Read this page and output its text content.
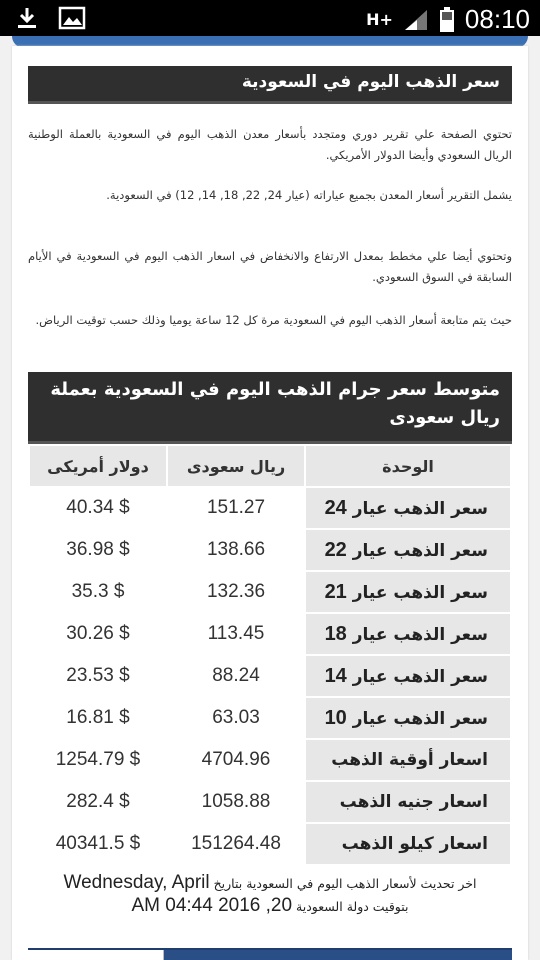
H+	08:10
سعر الذهب اليوم في السعودية

تحتوي الصفحة علي تقرير دوري ومتجدد بأسعار معدن الذهب اليوم في السعودية بالعملة الوطنية الريال السعودي وأيضا الدولار الأمريكي.

يشمل التقرير أسعار المعدن بجميع عياراته (عيار 24, 22, 18, 14, 12) في السعودية.

وتحتوي أيضا علي مخطط بمعدل الارتفاع والانخفاض في اسعار الذهب اليوم في السعودية في الأيام السابقة في السوق السعودي.

حيث يتم متابعة أسعار الذهب اليوم في السعودية مرة كل 12 ساعة يوميا وذلك حسب توقيت الرياض.

متوسط سعر جرام الذهب اليوم في السعودية بعملة ريال سعودى
الوحدة	ريال سعودى	دولار أمريكى
سعر الذهب عيار 24	151.27	$ 40.34
سعر الذهب عيار 22	138.66	$ 36.98
سعر الذهب عيار 21	132.36	$ 35.3
سعر الذهب عيار 18	113.45	$ 30.26
سعر الذهب عيار 14	88.24	$ 23.53
سعر الذهب عيار 10	63.03	$ 16.81
اسعار أوقية الذهب	4704.96	$ 1254.79
اسعار جنيه الذهب	1058.88	$ 282.4
اسعار كيلو الذهب	151264.48	$ 40341.5
اخر تحديث لأسعار الذهب اليوم في السعودية بتاريخ Wednesday, April
بتوقيت دولة السعودية 20, 2016 04:44 AM
